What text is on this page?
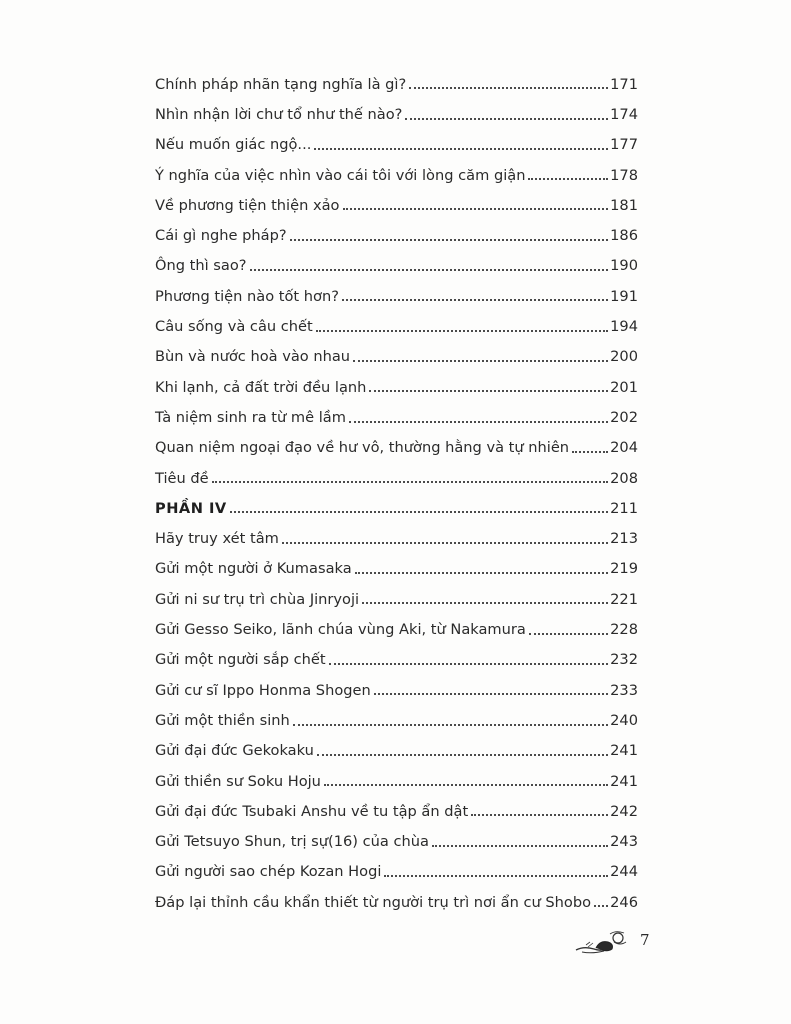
Chính pháp nhãn tạng nghĩa là gì?	171
Nhìn nhận lời chư tổ như thế nào?	174
Nếu muốn giác ngộ...	177
Ý nghĩa của việc nhìn vào cái tôi với lòng căm giận	178
Về phương tiện thiện xảo	181
Cái gì nghe pháp?	186
Ông thì sao?	190
Phương tiện nào tốt hơn?	191
Câu sống và câu chết	194
Bùn và nước hoà vào nhau	200
Khi lạnh, cả đất trời đều lạnh	201
Tà niệm sinh ra từ mê lầm	202
Quan niệm ngoại đạo về hư vô, thường hằng và tự nhiên	204
Tiêu đề	208
PHẦN IV	211
Hãy truy xét tâm	213
Gửi một người ở Kumasaka	219
Gửi ni sư trụ trì chùa Jinryoji	221
Gửi Gesso Seiko, lãnh chúa vùng Aki, từ Nakamura	228
Gửi một người sắp chết	232
Gửi cư sĩ Ippo Honma Shogen	233
Gửi một thiền sinh	240
Gửi đại đức Gekokaku	241
Gửi thiền sư Soku Hoju	241
Gửi đại đức Tsubaki Anshu về tu tập ẩn dật	242
Gửi Tetsuyo Shun, trị sự(16) của chùa	243
Gửi người sao chép Kozan Hogi	244
Đáp lại thỉnh cầu khẩn thiết từ người trụ trì nơi ẩn cư Shobo 246
7
